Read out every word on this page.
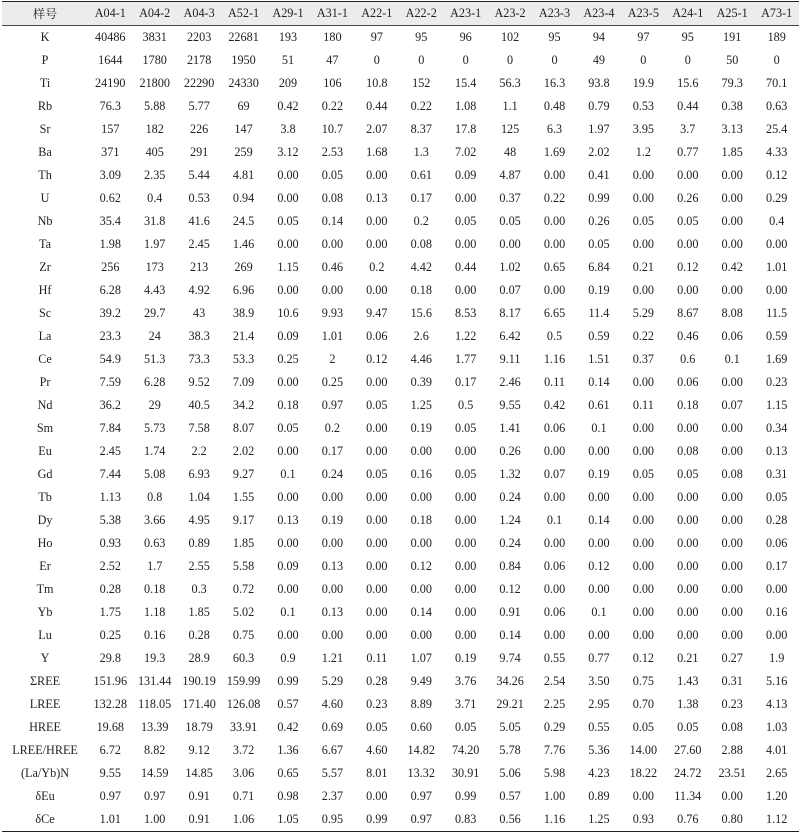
样号	A04-1	A04-2	A04-3	A52-1	A29-1	A31-1	A22-1	A22-2	A23-1	A23-2	A23-3	A23-4	A23-5	A24-1	A25-1	A73-1
K	40486	3831	2203	22681	193	180	97	95	96	102	95	94	97	95	191	189
P	1644	1780	2178	1950	51	47	0	0	0	0	0	49	0	0	50	0
Ti	24190	21800	22290	24330	209	106	10.8	152	15.4	56.3	16.3	93.8	19.9	15.6	79.3	70.1
Rb	76.3	5.88	5.77	69	0.42	0.22	0.44	0.22	1.08	1.1	0.48	0.79	0.53	0.44	0.38	0.63
Sr	157	182	226	147	3.8	10.7	2.07	8.37	17.8	125	6.3	1.97	3.95	3.7	3.13	25.4
Ba	371	405	291	259	3.12	2.53	1.68	1.3	7.02	48	1.69	2.02	1.2	0.77	1.85	4.33
Th	3.09	2.35	5.44	4.81	0.00	0.05	0.00	0.61	0.09	4.87	0.00	0.41	0.00	0.00	0.00	0.12
U	0.62	0.4	0.53	0.94	0.00	0.08	0.13	0.17	0.00	0.37	0.22	0.99	0.00	0.26	0.00	0.29
Nb	35.4	31.8	41.6	24.5	0.05	0.14	0.00	0.2	0.05	0.05	0.00	0.26	0.05	0.05	0.00	0.4
Ta	1.98	1.97	2.45	1.46	0.00	0.00	0.00	0.08	0.00	0.00	0.00	0.05	0.00	0.00	0.00	0.00
Zr	256	173	213	269	1.15	0.46	0.2	4.42	0.44	1.02	0.65	6.84	0.21	0.12	0.42	1.01
Hf	6.28	4.43	4.92	6.96	0.00	0.00	0.00	0.18	0.00	0.07	0.00	0.19	0.00	0.00	0.00	0.00
Sc	39.2	29.7	43	38.9	10.6	9.93	9.47	15.6	8.53	8.17	6.65	11.4	5.29	8.67	8.08	11.5
La	23.3	24	38.3	21.4	0.09	1.01	0.06	2.6	1.22	6.42	0.5	0.59	0.22	0.46	0.06	0.59
Ce	54.9	51.3	73.3	53.3	0.25	2	0.12	4.46	1.77	9.11	1.16	1.51	0.37	0.6	0.1	1.69
Pr	7.59	6.28	9.52	7.09	0.00	0.25	0.00	0.39	0.17	2.46	0.11	0.14	0.00	0.06	0.00	0.23
Nd	36.2	29	40.5	34.2	0.18	0.97	0.05	1.25	0.5	9.55	0.42	0.61	0.11	0.18	0.07	1.15
Sm	7.84	5.73	7.58	8.07	0.05	0.2	0.00	0.19	0.05	1.41	0.06	0.1	0.00	0.00	0.00	0.34
Eu	2.45	1.74	2.2	2.02	0.00	0.17	0.00	0.00	0.00	0.26	0.00	0.00	0.00	0.08	0.00	0.13
Gd	7.44	5.08	6.93	9.27	0.1	0.24	0.05	0.16	0.05	1.32	0.07	0.19	0.05	0.05	0.08	0.31
Tb	1.13	0.8	1.04	1.55	0.00	0.00	0.00	0.00	0.00	0.24	0.00	0.00	0.00	0.00	0.00	0.05
Dy	5.38	3.66	4.95	9.17	0.13	0.19	0.00	0.18	0.00	1.24	0.1	0.14	0.00	0.00	0.00	0.28
Ho	0.93	0.63	0.89	1.85	0.00	0.00	0.00	0.00	0.00	0.24	0.00	0.00	0.00	0.00	0.00	0.06
Er	2.52	1.7	2.55	5.58	0.09	0.13	0.00	0.12	0.00	0.84	0.06	0.12	0.00	0.00	0.00	0.17
Tm	0.28	0.18	0.3	0.72	0.00	0.00	0.00	0.00	0.00	0.12	0.00	0.00	0.00	0.00	0.00	0.00
Yb	1.75	1.18	1.85	5.02	0.1	0.13	0.00	0.14	0.00	0.91	0.06	0.1	0.00	0.00	0.00	0.16
Lu	0.25	0.16	0.28	0.75	0.00	0.00	0.00	0.00	0.00	0.14	0.00	0.00	0.00	0.00	0.00	0.00
Y	29.8	19.3	28.9	60.3	0.9	1.21	0.11	1.07	0.19	9.74	0.55	0.77	0.12	0.21	0.27	1.9
ΣREE	151.96	131.44	190.19	159.99	0.99	5.29	0.28	9.49	3.76	34.26	2.54	3.50	0.75	1.43	0.31	5.16
LREE	132.28	118.05	171.40	126.08	0.57	4.60	0.23	8.89	3.71	29.21	2.25	2.95	0.70	1.38	0.23	4.13
HREE	19.68	13.39	18.79	33.91	0.42	0.69	0.05	0.60	0.05	5.05	0.29	0.55	0.05	0.05	0.08	1.03
LREE/HREE	6.72	8.82	9.12	3.72	1.36	6.67	4.60	14.82	74.20	5.78	7.76	5.36	14.00	27.60	2.88	4.01
(La/Yb)N	9.55	14.59	14.85	3.06	0.65	5.57	8.01	13.32	30.91	5.06	5.98	4.23	18.22	24.72	23.51	2.65
δEu	0.97	0.97	0.91	0.71	0.98	2.37	0.00	0.97	0.99	0.57	1.00	0.89	0.00	11.34	0.00	1.20
δCe	1.01	1.00	0.91	1.06	1.05	0.95	0.99	0.97	0.83	0.56	1.16	1.25	0.93	0.76	0.80	1.12
